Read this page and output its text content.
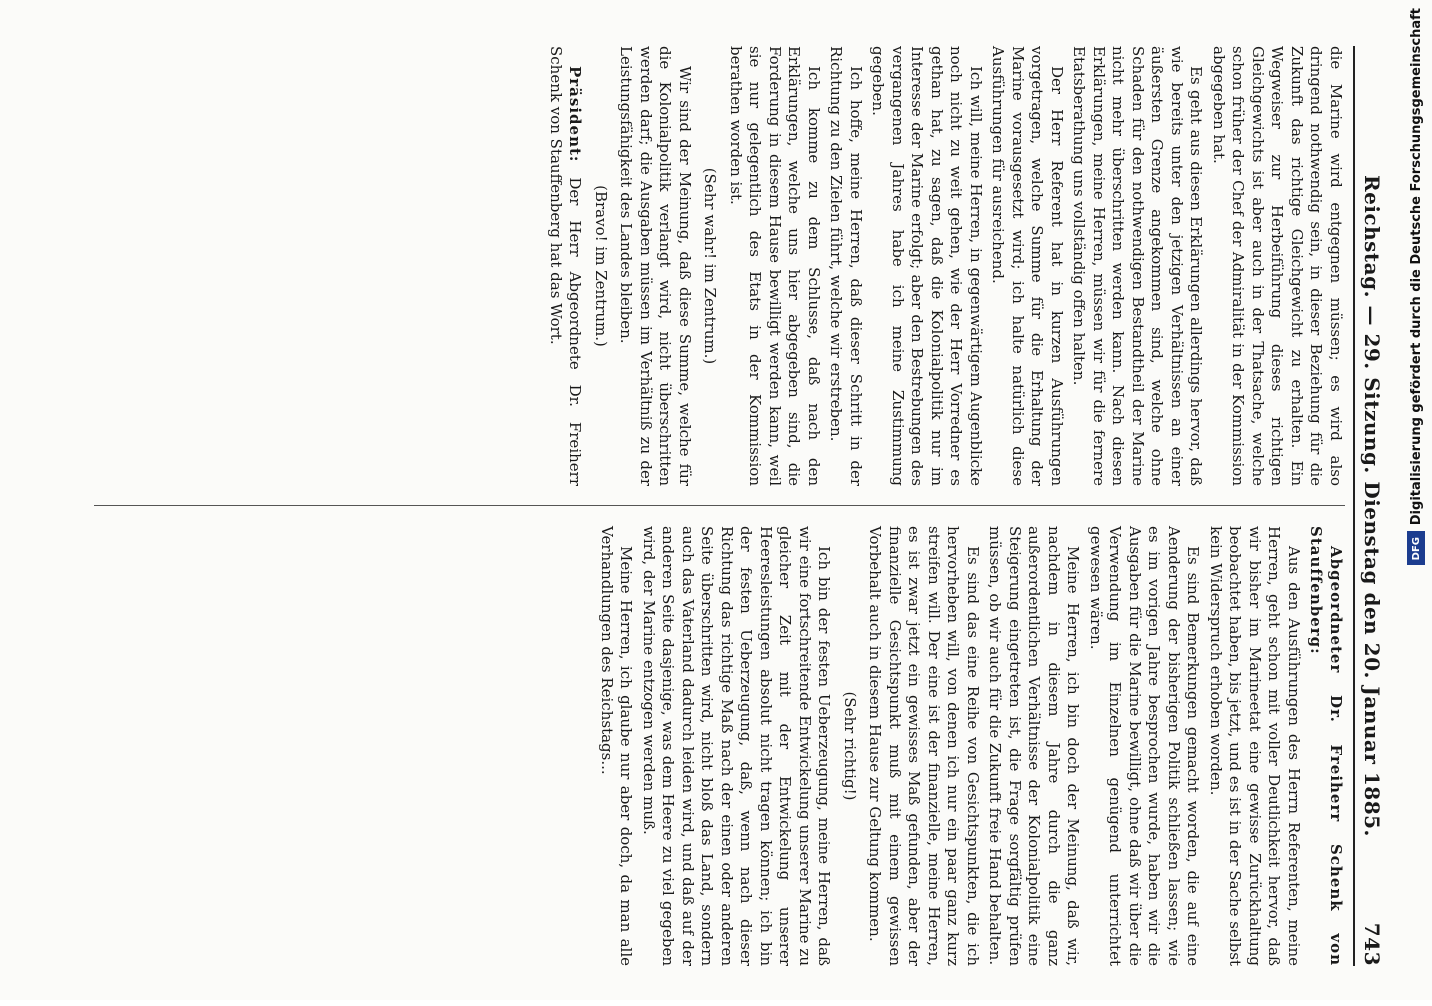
Reichstag. — 29. Sitzung. Dienstag den 20. Januar 1885.
743

die Marine wird entgegnen müssen; es wird also dringend nothwendig sein, in dieser Beziehung für die Zukunft das richtige Gleichgewicht zu erhalten. Ein Wegweiser zur Herbeiführung dieses richtigen Gleichgewichts ist aber auch in der Thatsache, welche schon früher der Chef der Admiralität in der Kommission abgegeben hat.

Es geht aus diesen Erklärungen allerdings hervor, daß wie bereits unter den jetzigen Verhältnissen an einer äußersten Grenze angekommen sind, welche ohne Schaden für den nothwendigen Bestandtheil der Marine nicht mehr überschritten werden kann. Nach diesen Erklärungen, meine Herren, müssen wir für die fernere Etatsberathung uns vollständig offen halten.

Der Herr Referent hat in kurzen Ausführungen vorgetragen, welche Summe für die Erhaltung der Marine vorausgesetzt wird; ich halte natürlich diese Ausführungen für ausreichend.

Ich will, meine Herren, in gegenwärtigem Augenblicke noch nicht zu weit gehen, wie der Herr Vorredner es gethan hat, zu sagen, daß die Kolonialpolitik nur im Interesse der Marine erfolgt; aber den Bestrebungen des vergangenen Jahres habe ich meine Zustimmung gegeben.

Ich hoffe, meine Herren, daß dieser Schritt in der Richtung zu den Zielen führt, welche wir erstreben.

Ich komme zu dem Schlusse, daß nach den Erklärungen, welche uns hier abgegeben sind, die Forderung in diesem Hause bewilligt werden kann, weil sie nur gelegentlich des Etats in der Kommission berathen worden ist.

(Sehr wahr! im Zentrum.)

Wir sind der Meinung, daß diese Summe, welche für die Kolonialpolitik verlangt wird, nicht überschritten werden darf; die Ausgaben müssen im Verhältniß zu der Leistungsfähigkeit des Landes bleiben.

(Bravo! im Zentrum.)

Präsident: Der Herr Abgeordnete Dr. Freiherr Schenk von Stauffenberg hat das Wort.

Abgeordneter Dr. Freiherr Schenk von Stauffenberg:

Aus den Ausführungen des Herrn Referenten, meine Herren, geht schon mit voller Deutlichkeit hervor, daß wir bisher im Marineetat eine gewisse Zurückhaltung beobachtet haben, bis jetzt, und es ist in der Sache selbst kein Widerspruch erhoben worden.

Es sind Bemerkungen gemacht worden, die auf eine Aenderung der bisherigen Politik schließen lassen; wie es im vorigen Jahre besprochen wurde, haben wir die Ausgaben für die Marine bewilligt, ohne daß wir über die Verwendung im Einzelnen genügend unterrichtet gewesen wären.

Meine Herren, ich bin doch der Meinung, daß wir, nachdem in diesem Jahre durch die ganz außerordentlichen Verhältnisse der Kolonialpolitik eine Steigerung eingetreten ist, die Frage sorgfältig prüfen müssen, ob wir auch für die Zukunft freie Hand behalten.

Es sind das eine Reihe von Gesichtspunkten, die ich hervorheben will, von denen ich nur ein paar ganz kurz streifen will. Der eine ist der finanzielle, meine Herren, es ist zwar jetzt ein gewisses Maß gefunden, aber der finanzielle Gesichtspunkt muß mit einem gewissen Vorbehalt auch in diesem Hause zur Geltung kommen.

(Sehr richtig!)

Ich bin der festen Ueberzeugung, meine Herren, daß wir eine fortschreitende Entwickelung unserer Marine zu gleicher Zeit mit der Entwickelung unserer Heeresleistungen absolut nicht tragen können; ich bin der festen Ueberzeugung, daß, wenn nach dieser Richtung das richtige Maß nach der einen oder anderen Seite überschritten wird, nicht bloß das Land, sondern auch das Vaterland dadurch leiden wird, und daß auf der anderen Seite dasjenige, was dem Heere zu viel gegeben wird, der Marine entzogen werden muß.

Meine Herren, ich glaube nur aber doch, da man alle Verhandlungen des Reichstags...

Digitalisierung gefördert durch die Deutsche Forschungsgemeinschaft
DFG
